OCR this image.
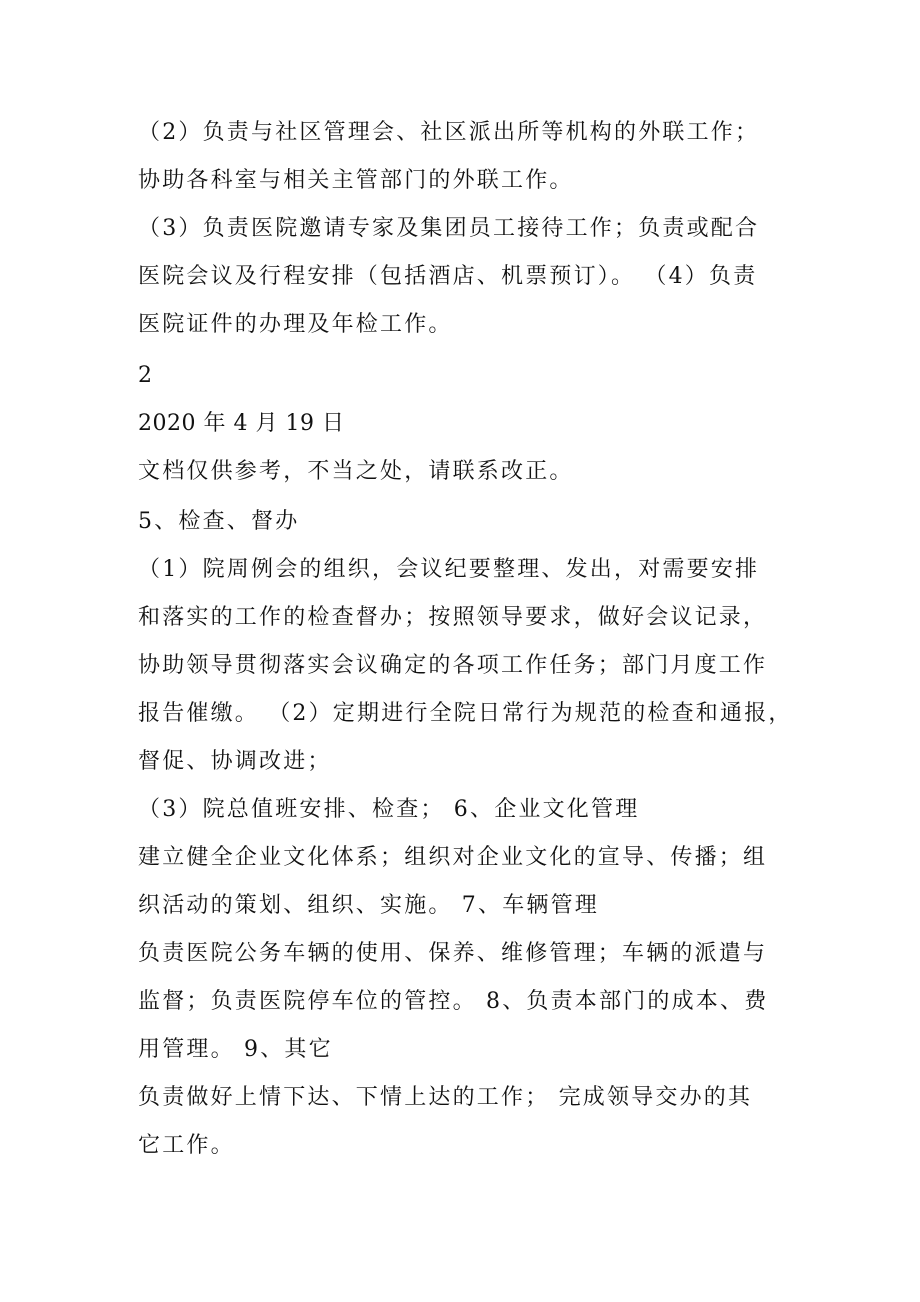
（2）负责与社区管理会、社区派出所等机构的外联工作；

协助各科室与相关主管部门的外联工作。

（3）负责医院邀请专家及集团员工接待工作；负责或配合

医院会议及行程安排（包括酒店、机票预订）。 （4）负责

医院证件的办理及年检工作。

2

2020 年 4 月 19 日

文档仅供参考，不当之处，请联系改正。

5、检查、督办

（1）院周例会的组织，会议纪要整理、发出，对需要安排

和落实的工作的检查督办；按照领导要求，做好会议记录，

协助领导贯彻落实会议确定的各项工作任务；部门月度工作

报告催缴。 （2）定期进行全院日常行为规范的检查和通报，

督促、协调改进；

（3）院总值班安排、检查； 6、企业文化管理

建立健全企业文化体系；组织对企业文化的宣导、传播；组

织活动的策划、组织、实施。 7、车辆管理

负责医院公务车辆的使用、保养、维修管理；车辆的派遣与

监督；负责医院停车位的管控。 8、负责本部门的成本、费

用管理。 9、其它

负责做好上情下达、下情上达的工作； 完成领导交办的其

它工作。
